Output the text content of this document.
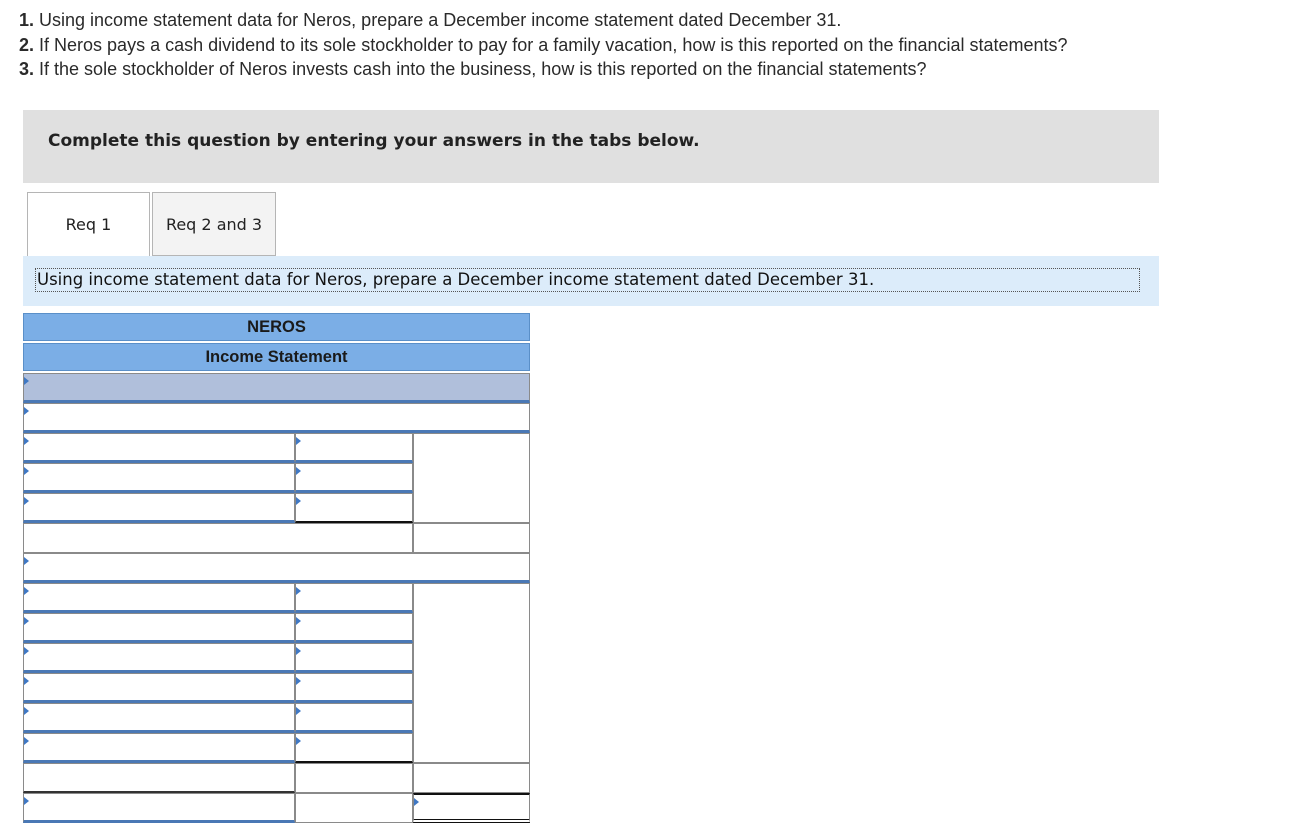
1. Using income statement data for Neros, prepare a December income statement dated December 31.
2. If Neros pays a cash dividend to its sole stockholder to pay for a family vacation, how is this reported on the financial statements?
3. If the sole stockholder of Neros invests cash into the business, how is this reported on the financial statements?
Complete this question by entering your answers in the tabs below.
Req 1	Req 2 and 3
Using income statement data for Neros, prepare a December income statement dated December 31.
NEROS
Income Statement
